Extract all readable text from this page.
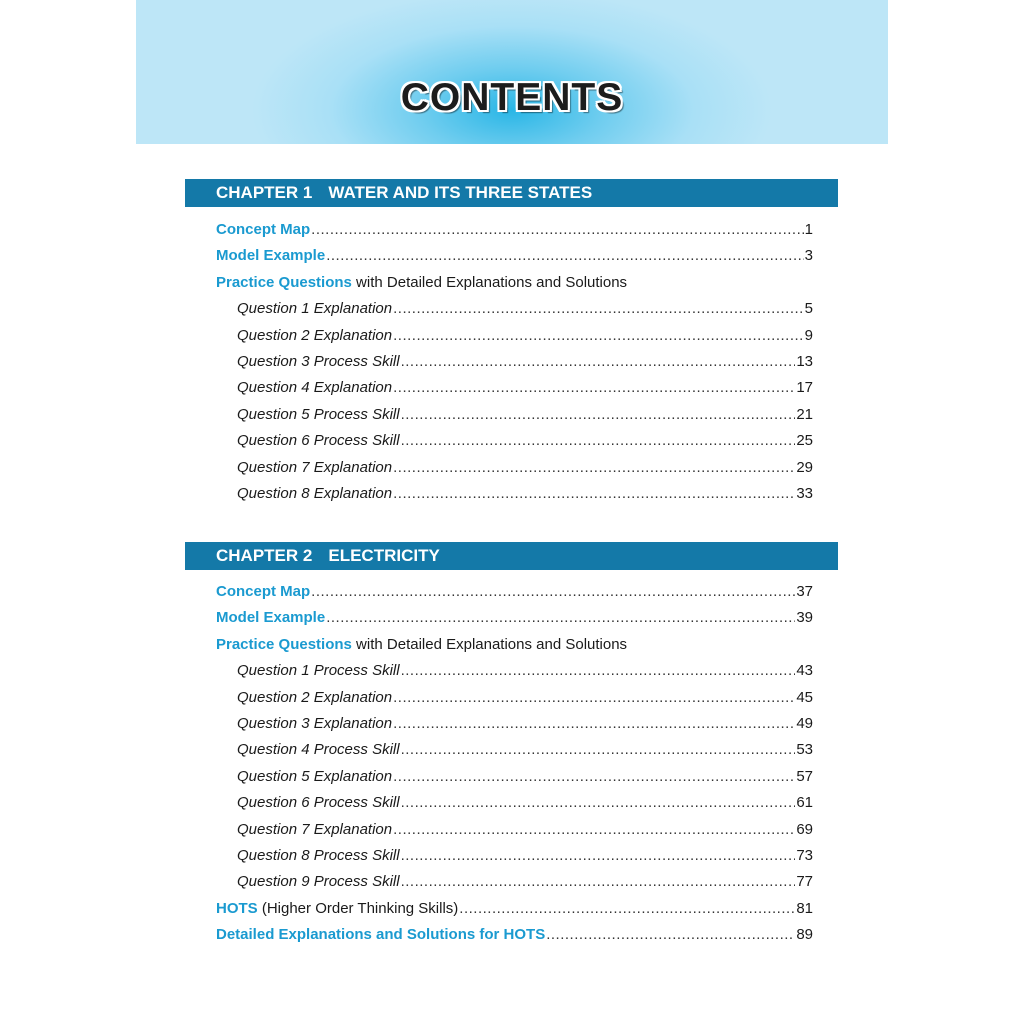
CONTENTS
CHAPTER 1 WATER AND ITS THREE STATES
Concept Map .....	1
Model Example .....	3
Practice Questions with Detailed Explanations and Solutions
Question 1 Explanation .....	5
Question 2 Explanation .....	9
Question 3 Process Skill .....	13
Question 4 Explanation .....	17
Question 5 Process Skill .....	21
Question 6 Process Skill .....	25
Question 7 Explanation .....	29
Question 8 Explanation .....	33
CHAPTER 2 ELECTRICITY
Concept Map .....	37
Model Example .....	39
Practice Questions with Detailed Explanations and Solutions
Question 1 Process Skill .....	43
Question 2 Explanation .....	45
Question 3 Explanation .....	49
Question 4 Process Skill .....	53
Question 5 Explanation .....	57
Question 6 Process Skill .....	61
Question 7 Explanation .....	69
Question 8 Process Skill .....	73
Question 9 Process Skill .....	77
HOTS (Higher Order Thinking Skills) .....	81
Detailed Explanations and Solutions for HOTS .....	89
